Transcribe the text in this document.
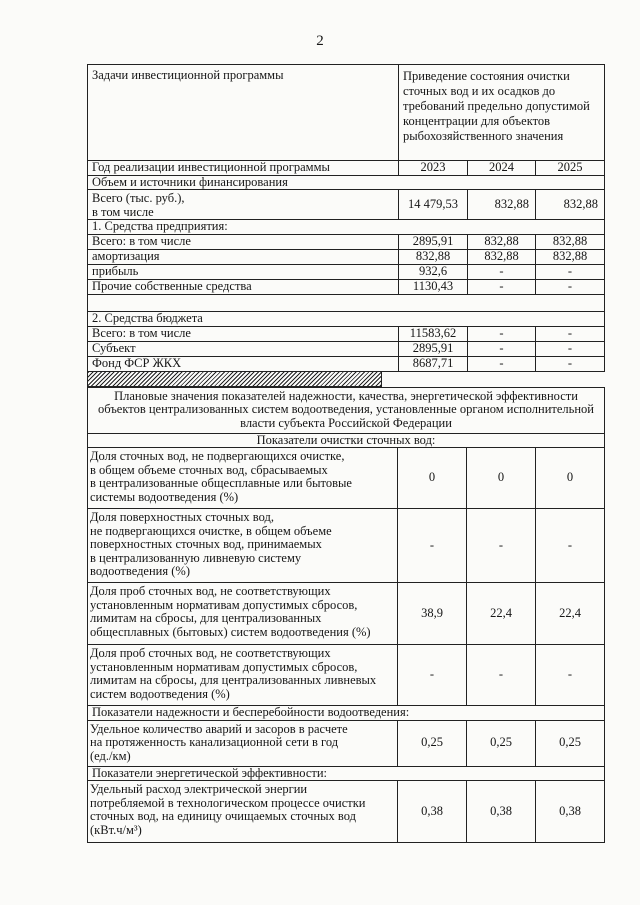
2
Задачи инвестиционной программы	Приведение состояния очистки сточных вод и их осадков до требований предельно допустимой концентрации для объектов рыбохозяйственного значения		
Год реализации инвестиционной программы	2023	2024	2025
Объем и источники финансирования			

Всего (тыс. руб.),
в том числе	14 479,53	832,88	832,88
1. Средства предприятия:			
Всего: в том числе	2895,91	832,88	832,88
амортизация	832,88	832,88	832,88
прибыль	932,6	-	-
Прочие собственные средства	1130,43	-	-

2. Средства бюджета			
Всего: в том числе	11583,62	-	-
Субъект	2895,91	-	-
Фонд ФСР ЖКХ	8687,71	-	-
Плановые значения показателей надежности, качества, энергетической эффективности объектов централизованных систем водоотведения, установленные органом исполнительной власти субъекта Российской Федерации			
Показатели очистки сточных вод:			

Доля сточных вод, не подвергающихся очистке,
в общем объеме сточных вод, сбрасываемых
в централизованные общесплавные или бытовые
системы водоотведения (%)	0	0	0

Доля поверхностных сточных вод,
не подвергающихся очистке, в общем объеме
поверхностных сточных вод, принимаемых
в централизованную ливневую систему
водоотведения (%)	-	-	-

Доля проб сточных вод, не соответствующих
установленным нормативам допустимых сбросов,
лимитам на сбросы, для централизованных
общесплавных (бытовых) систем водоотведения (%)	38,9	22,4	22,4

Доля проб сточных вод, не соответствующих
установленным нормативам допустимых сбросов,
лимитам на сбросы, для централизованных ливневых
систем водоотведения (%)	-	-	-
Показатели надежности и бесперебойности водоотведения:			

Удельное количество аварий и засоров в расчете
на протяженность канализационной сети в год
(ед./км)	0,25	0,25	0,25
Показатели энергетической эффективности:			

Удельный расход электрической энергии
потребляемой в технологическом процессе очистки
сточных вод, на единицу очищаемых сточных вод
(кВт.ч/м³)	0,38	0,38	0,38
